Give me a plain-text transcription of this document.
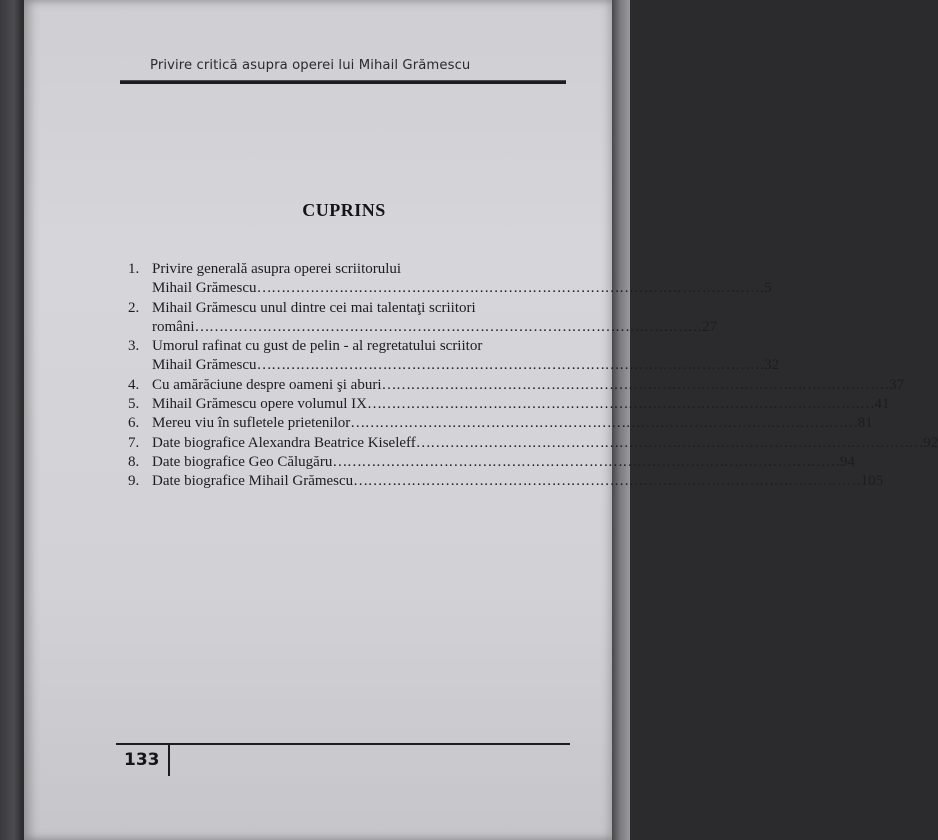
Privire critică asupra operei lui Mihail Grămescu
CUPRINS
1. Privire generală asupra operei scriitorului
Mihail Grămescu …………………………………………………………………………………………… 5
2. Mihail Grămescu unul dintre cei mai talentaţi scriitori
români …………………………………………………………………………………………… 27
3. Umorul rafinat cu gust de pelin - al regretatului scriitor
Mihail Grămescu …………………………………………………………………………………………… 32
4. Cu amărăciune despre oameni şi aburi …………………………………………………………………………………………… 37
5. Mihail Grămescu opere volumul IX …………………………………………………………………………………………… 41
6. Mereu viu în sufletele prietenilor …………………………………………………………………………………………… 81
7. Date biografice Alexandra Beatrice Kiseleff …………………………………………………………………………………………… 92
8. Date biografice Geo Călugăru …………………………………………………………………………………………… 94
9. Date biografice Mihail Grămescu …………………………………………………………………………………………… 105
133
